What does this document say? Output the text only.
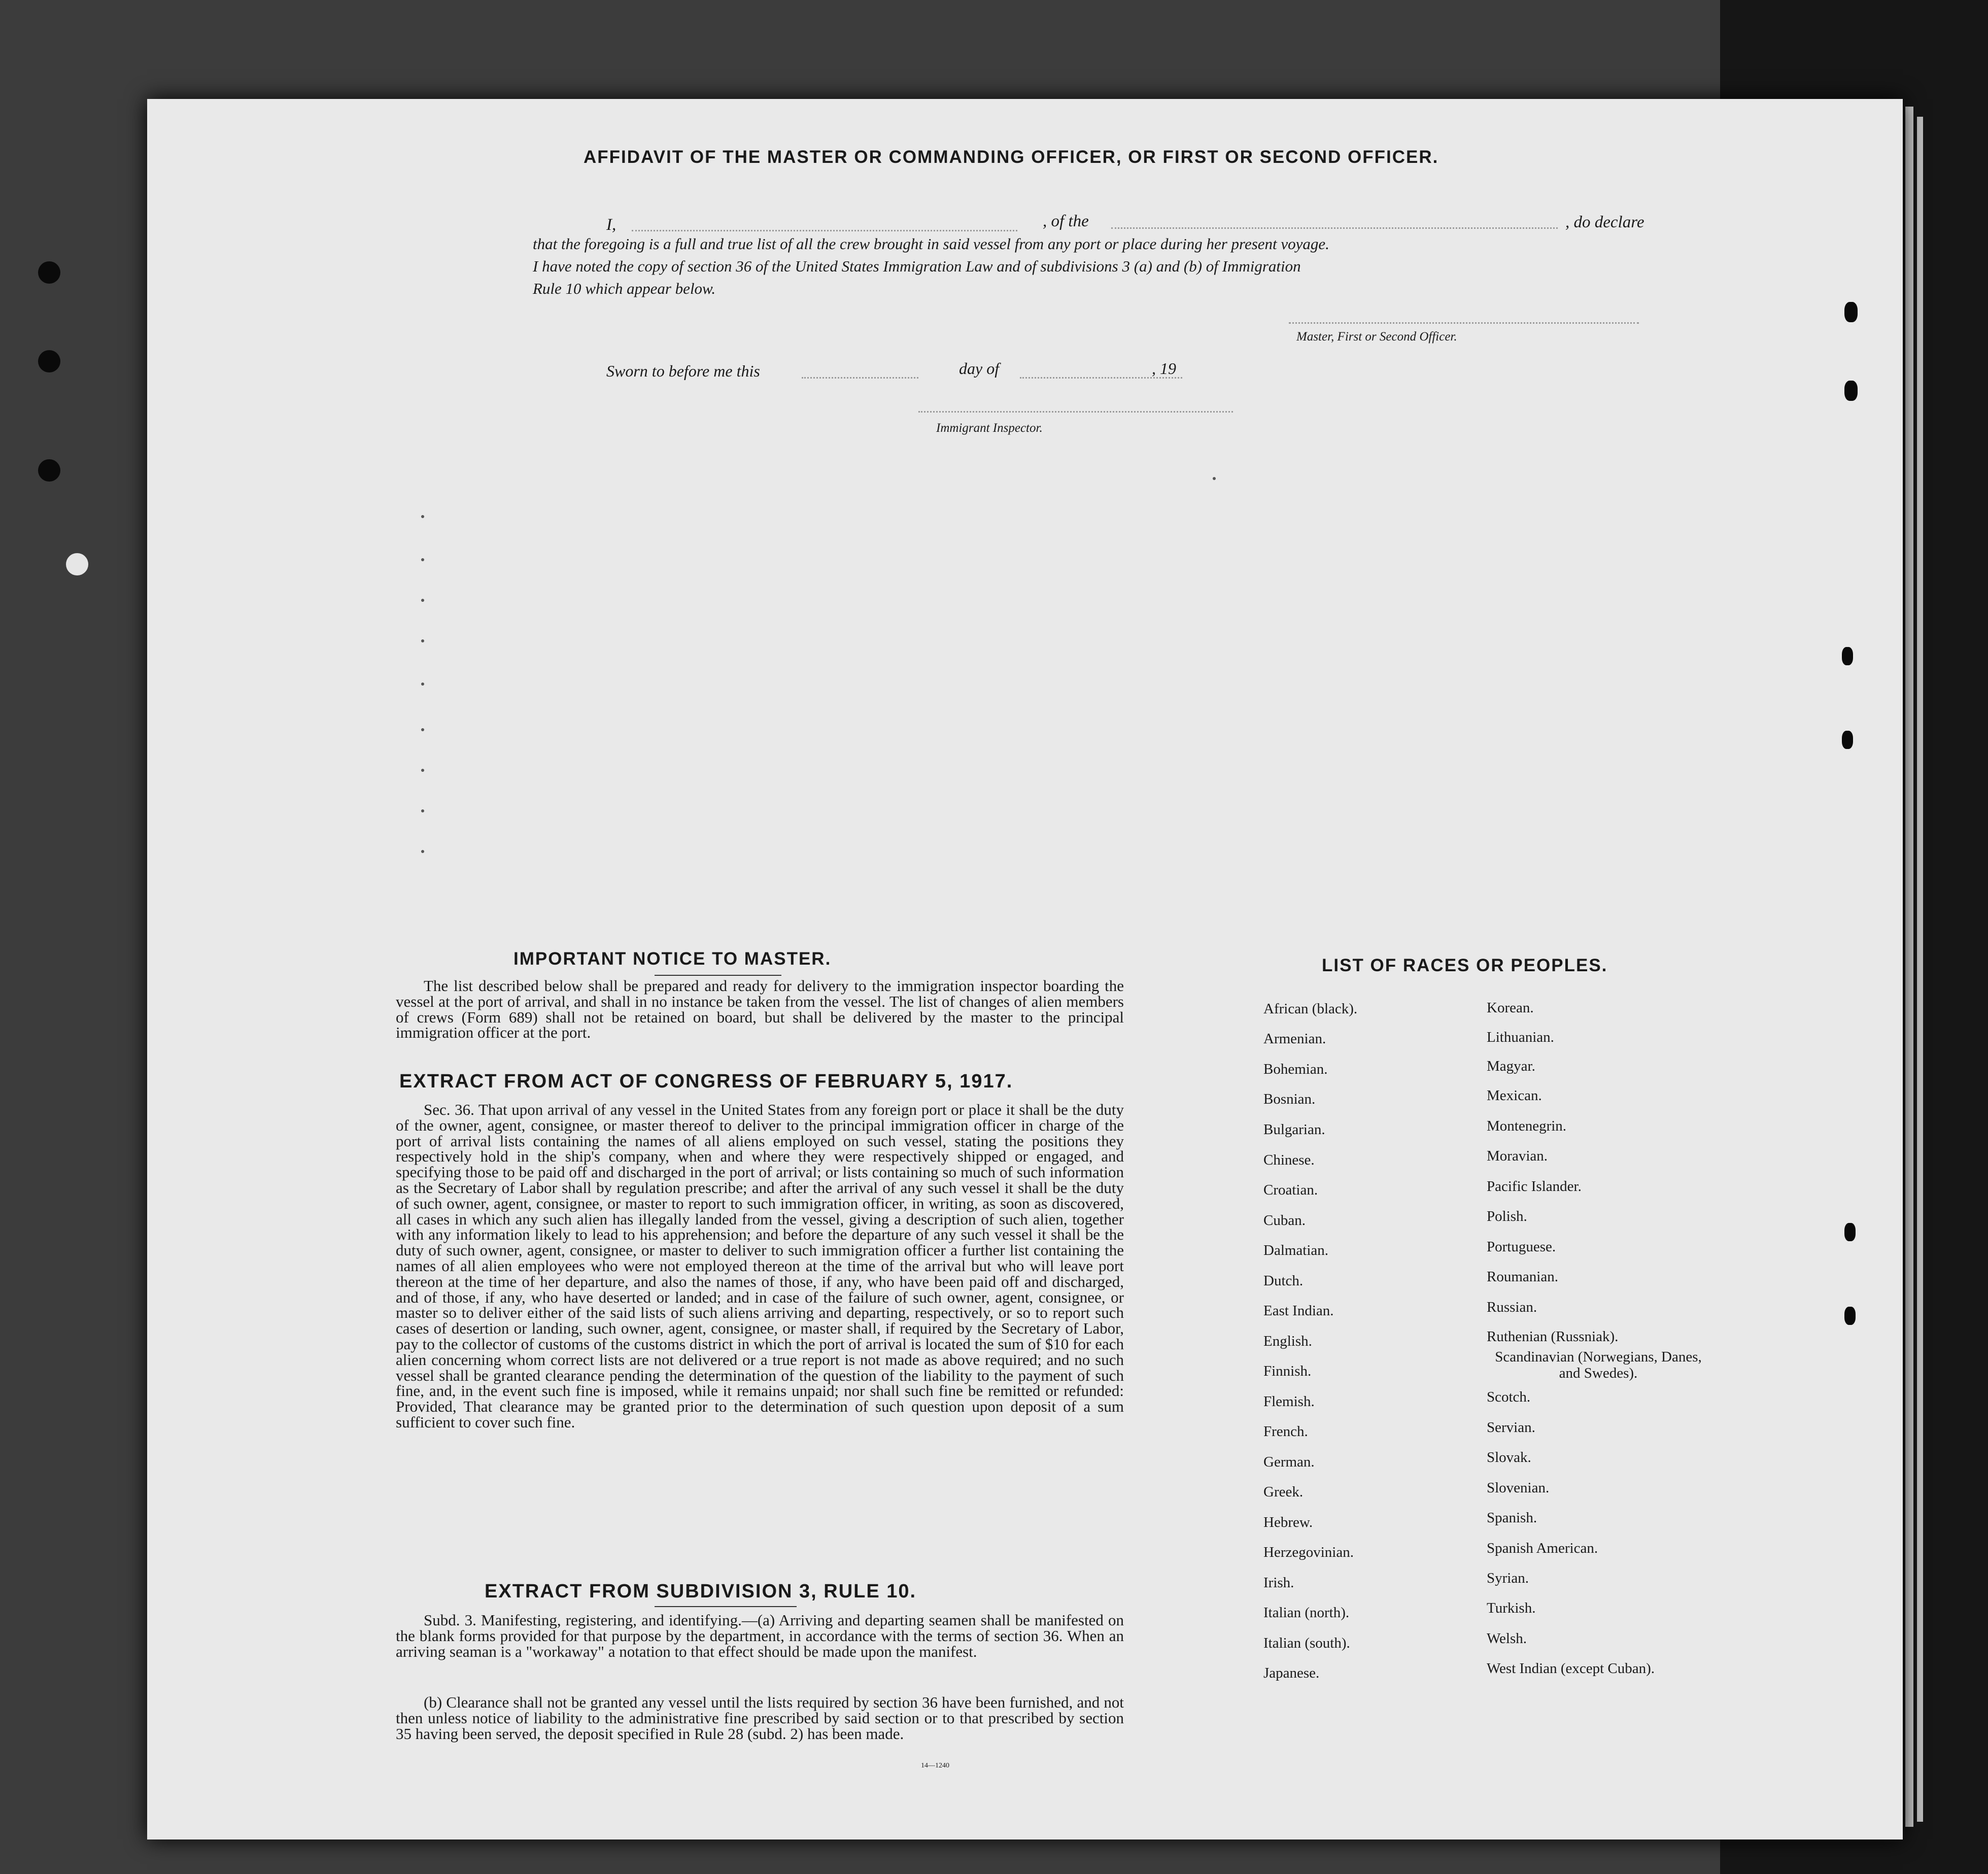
AFFIDAVIT OF THE MASTER OR COMMANDING OFFICER, OR FIRST OR SECOND OFFICER.
I,	, of the	, do declare
that the foregoing is a full and true list of all the crew brought in said vessel from any port or place during her present voyage.
I have noted the copy of section 36 of the United States Immigration Law and of subdivisions 3 (a) and (b) of Immigration
Rule 10 which appear below.
Master, First or Second Officer.
Sworn to before me this	day of	, 19
Immigrant Inspector.
IMPORTANT NOTICE TO MASTER.
The list described below shall be prepared and ready for delivery to the immigration inspector boarding the vessel at the port of arrival, and shall in no instance be taken from the vessel. The list of changes of alien members of crews (Form 689) shall not be retained on board, but shall be delivered by the master to the principal immigration officer at the port.
EXTRACT FROM ACT OF CONGRESS OF FEBRUARY 5, 1917.
Sec. 36. That upon arrival of any vessel in the United States from any foreign port or place it shall be the duty of the owner, agent, consignee, or master thereof to deliver to the principal immigration officer in charge of the port of arrival lists containing the names of all aliens employed on such vessel, stating the positions they respectively hold in the ship's company, when and where they were respectively shipped or engaged, and specifying those to be paid off and discharged in the port of arrival; or lists containing so much of such information as the Secretary of Labor shall by regulation prescribe; and after the arrival of any such vessel it shall be the duty of such owner, agent, consignee, or master to report to such immigration officer, in writing, as soon as discovered, all cases in which any such alien has illegally landed from the vessel, giving a description of such alien, together with any information likely to lead to his apprehension; and before the departure of any such vessel it shall be the duty of such owner, agent, consignee, or master to deliver to such immigration officer a further list containing the names of all alien employees who were not employed thereon at the time of the arrival but who will leave port thereon at the time of her departure, and also the names of those, if any, who have been paid off and discharged, and of those, if any, who have deserted or landed; and in case of the failure of such owner, agent, consignee, or master so to deliver either of the said lists of such aliens arriving and departing, respectively, or so to report such cases of desertion or landing, such owner, agent, consignee, or master shall, if required by the Secretary of Labor, pay to the collector of customs of the customs district in which the port of arrival is located the sum of $10 for each alien concerning whom correct lists are not delivered or a true report is not made as above required; and no such vessel shall be granted clearance pending the determination of the question of the liability to the payment of such fine, and, in the event such fine is imposed, while it remains unpaid; nor shall such fine be remitted or refunded: Provided, That clearance may be granted prior to the determination of such question upon deposit of a sum sufficient to cover such fine.
EXTRACT FROM SUBDIVISION 3, RULE 10.
Subd. 3. Manifesting, registering, and identifying.—(a) Arriving and departing seamen shall be manifested on the blank forms provided for that purpose by the department, in accordance with the terms of section 36. When an arriving seaman is a "workaway" a notation to that effect should be made upon the manifest.
(b) Clearance shall not be granted any vessel until the lists required by section 36 have been furnished, and not then unless notice of liability to the administrative fine prescribed by said section or to that prescribed by section 35 having been served, the deposit specified in Rule 28 (subd. 2) has been made.
14—1240
LIST OF RACES OR PEOPLES.
African (black).
Armenian.
Bohemian.
Bosnian.
Bulgarian.
Chinese.
Croatian.
Cuban.
Dalmatian.
Dutch.
East Indian.
English.
Finnish.
Flemish.
French.
German.
Greek.
Hebrew.
Herzegovinian.
Irish.
Italian (north).
Italian (south).
Japanese.
Korean.
Lithuanian.
Magyar.
Mexican.
Montenegrin.
Moravian.
Pacific Islander.
Polish.
Portuguese.
Roumanian.
Russian.
Ruthenian (Russniak).
Scandinavian (Norwegians, Danes, and Swedes).
Scotch.
Servian.
Slovak.
Slovenian.
Spanish.
Spanish American.
Syrian.
Turkish.
Welsh.
West Indian (except Cuban).
